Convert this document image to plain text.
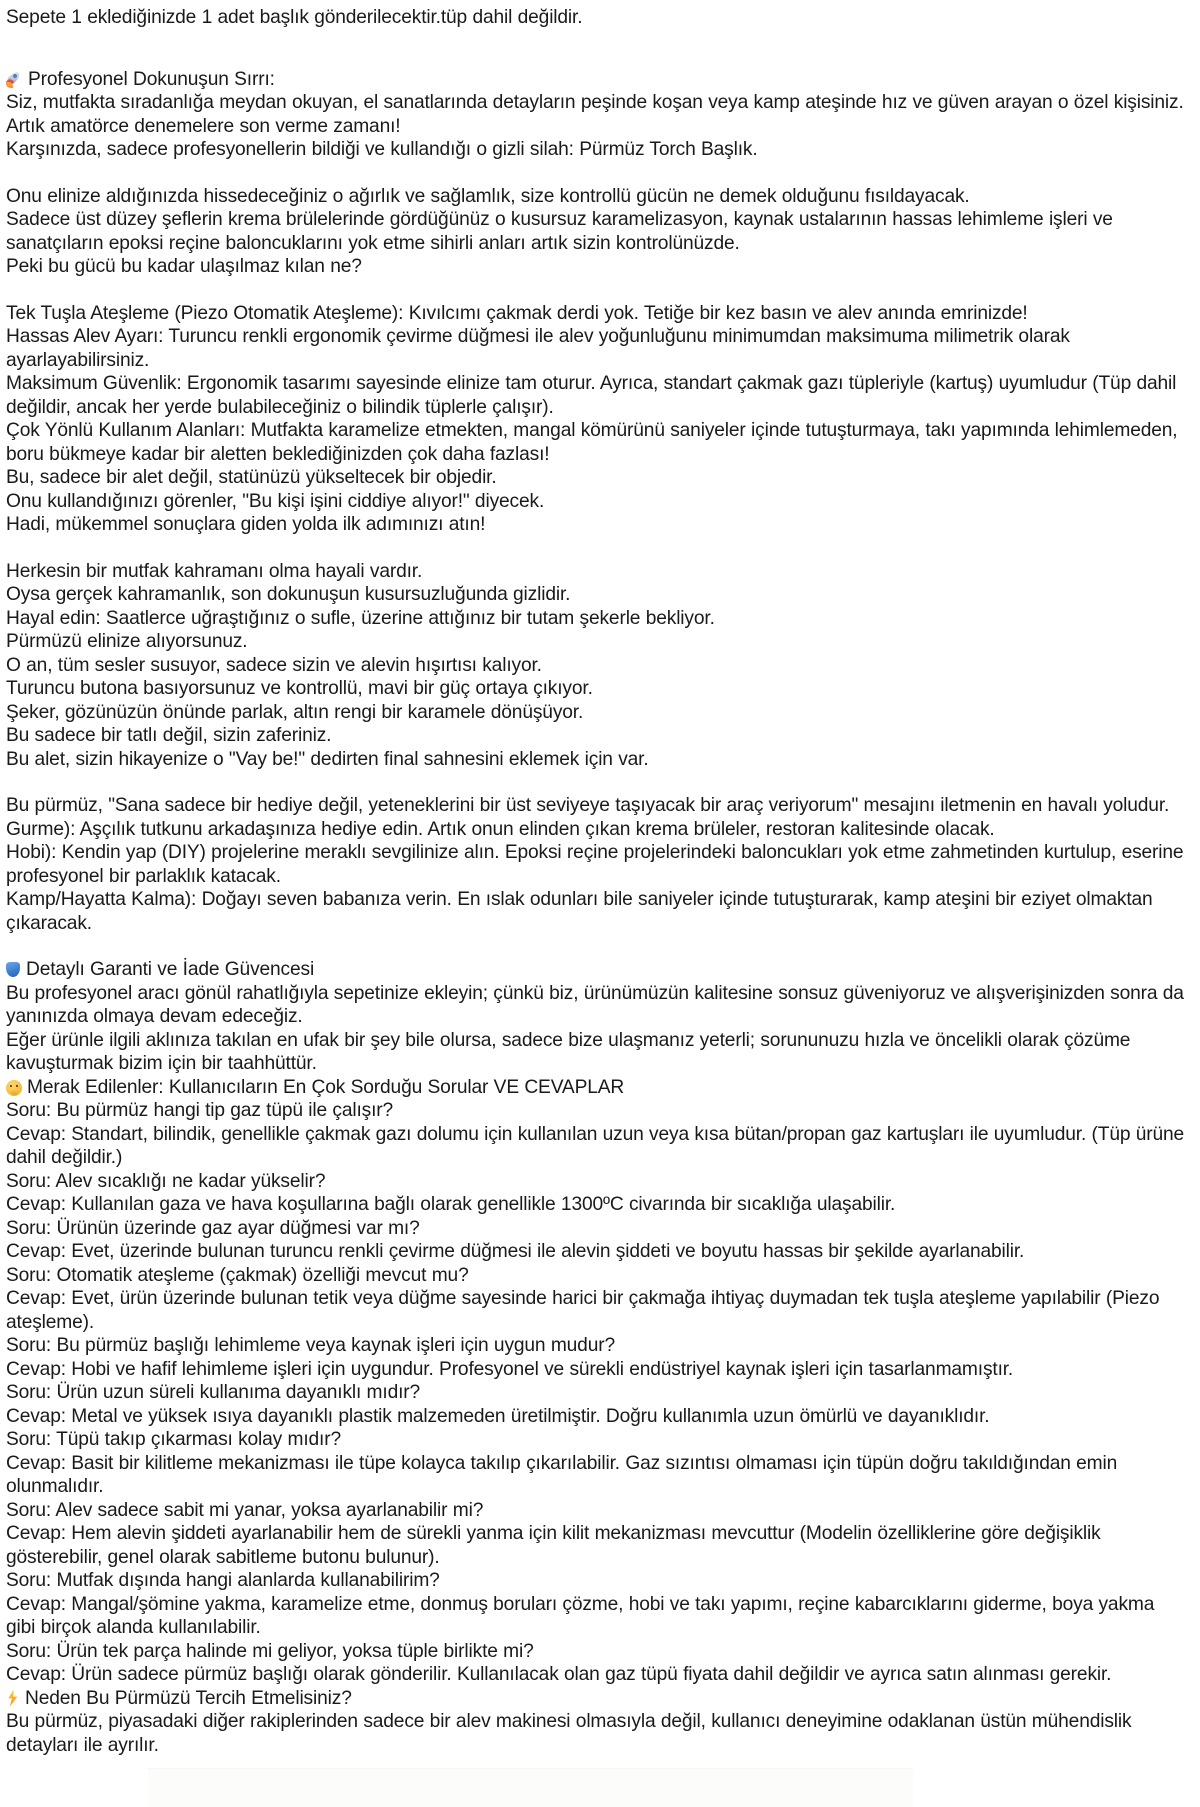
Sepete 1 eklediğinizde 1 adet başlık gönderilecektir.tüp dahil değildir.

Profesyonel Dokunuşun Sırrı:

Siz, mutfakta sıradanlığa meydan okuyan, el sanatlarında detayların peşinde koşan veya kamp ateşinde hız ve güven arayan o özel kişisiniz.

Artık amatörce denemelere son verme zamanı!

Karşınızda, sadece profesyonellerin bildiği ve kullandığı o gizli silah: Pürmüz Torch Başlık.

Onu elinize aldığınızda hissedeceğiniz o ağırlık ve sağlamlık, size kontrollü gücün ne demek olduğunu fısıldayacak.

Sadece üst düzey şeflerin krema brülelerinde gördüğünüz o kusursuz karamelizasyon, kaynak ustalarının hassas lehimleme işleri ve sanatçıların epoksi reçine baloncuklarını yok etme sihirli anları artık sizin kontrolünüzde.

Peki bu gücü bu kadar ulaşılmaz kılan ne?

Tek Tuşla Ateşleme (Piezo Otomatik Ateşleme): Kıvılcımı çakmak derdi yok. Tetiğe bir kez basın ve alev anında emrinizde!

Hassas Alev Ayarı: Turuncu renkli ergonomik çevirme düğmesi ile alev yoğunluğunu minimumdan maksimuma milimetrik olarak ayarlayabilirsiniz.

Maksimum Güvenlik: Ergonomik tasarımı sayesinde elinize tam oturur. Ayrıca, standart çakmak gazı tüpleriyle (kartuş) uyumludur (Tüp dahil değildir, ancak her yerde bulabileceğiniz o bilindik tüplerle çalışır).

Çok Yönlü Kullanım Alanları: Mutfakta karamelize etmekten, mangal kömürünü saniyeler içinde tutuşturmaya, takı yapımında lehimlemeden, boru bükmeye kadar bir aletten beklediğinizden çok daha fazlası!

Bu, sadece bir alet değil, statünüzü yükseltecek bir objedir.

Onu kullandığınızı görenler, "Bu kişi işini ciddiye alıyor!" diyecek.

Hadi, mükemmel sonuçlara giden yolda ilk adımınızı atın!

Herkesin bir mutfak kahramanı olma hayali vardır.

Oysa gerçek kahramanlık, son dokunuşun kusursuzluğunda gizlidir.

Hayal edin: Saatlerce uğraştığınız o sufle, üzerine attığınız bir tutam şekerle bekliyor.

Pürmüzü elinize alıyorsunuz.

O an, tüm sesler susuyor, sadece sizin ve alevin hışırtısı kalıyor.

Turuncu butona basıyorsunuz ve kontrollü, mavi bir güç ortaya çıkıyor.

Şeker, gözünüzün önünde parlak, altın rengi bir karamele dönüşüyor.

Bu sadece bir tatlı değil, sizin zaferiniz.

Bu alet, sizin hikayenize o "Vay be!" dedirten final sahnesini eklemek için var.

Bu pürmüz, "Sana sadece bir hediye değil, yeteneklerini bir üst seviyeye taşıyacak bir araç veriyorum" mesajını iletmenin en havalı yoludur.

Gurme): Aşçılık tutkunu arkadaşınıza hediye edin. Artık onun elinden çıkan krema brüleler, restoran kalitesinde olacak.

Hobi): Kendin yap (DIY) projelerine meraklı sevgilinize alın. Epoksi reçine projelerindeki baloncukları yok etme zahmetinden kurtulup, eserine profesyonel bir parlaklık katacak.

Kamp/Hayatta Kalma): Doğayı seven babanıza verin. En ıslak odunları bile saniyeler içinde tutuşturarak, kamp ateşini bir eziyet olmaktan çıkaracak.

Detaylı Garanti ve İade Güvencesi

Bu profesyonel aracı gönül rahatlığıyla sepetinize ekleyin; çünkü biz, ürünümüzün kalitesine sonsuz güveniyoruz ve alışverişinizden sonra da yanınızda olmaya devam edeceğiz.

Eğer ürünle ilgili aklınıza takılan en ufak bir şey bile olursa, sadece bize ulaşmanız yeterli; sorununuzu hızla ve öncelikli olarak çözüme kavuşturmak bizim için bir taahhüttür.

Merak Edilenler: Kullanıcıların En Çok Sorduğu Sorular VE CEVAPLAR

Soru: Bu pürmüz hangi tip gaz tüpü ile çalışır?

Cevap: Standart, bilindik, genellikle çakmak gazı dolumu için kullanılan uzun veya kısa bütan/propan gaz kartuşları ile uyumludur. (Tüp ürüne dahil değildir.)

Soru: Alev sıcaklığı ne kadar yükselir?

Cevap: Kullanılan gaza ve hava koşullarına bağlı olarak genellikle 1300ºC civarında bir sıcaklığa ulaşabilir.

Soru: Ürünün üzerinde gaz ayar düğmesi var mı?

Cevap: Evet, üzerinde bulunan turuncu renkli çevirme düğmesi ile alevin şiddeti ve boyutu hassas bir şekilde ayarlanabilir.

Soru: Otomatik ateşleme (çakmak) özelliği mevcut mu?

Cevap: Evet, ürün üzerinde bulunan tetik veya düğme sayesinde harici bir çakmağa ihtiyaç duymadan tek tuşla ateşleme yapılabilir (Piezo ateşleme).

Soru: Bu pürmüz başlığı lehimleme veya kaynak işleri için uygun mudur?

Cevap: Hobi ve hafif lehimleme işleri için uygundur. Profesyonel ve sürekli endüstriyel kaynak işleri için tasarlanmamıştır.

Soru: Ürün uzun süreli kullanıma dayanıklı mıdır?

Cevap: Metal ve yüksek ısıya dayanıklı plastik malzemeden üretilmiştir. Doğru kullanımla uzun ömürlü ve dayanıklıdır.

Soru: Tüpü takıp çıkarması kolay mıdır?

Cevap: Basit bir kilitleme mekanizması ile tüpe kolayca takılıp çıkarılabilir. Gaz sızıntısı olmaması için tüpün doğru takıldığından emin olunmalıdır.

Soru: Alev sadece sabit mi yanar, yoksa ayarlanabilir mi?

Cevap: Hem alevin şiddeti ayarlanabilir hem de sürekli yanma için kilit mekanizması mevcuttur (Modelin özelliklerine göre değişiklik gösterebilir, genel olarak sabitleme butonu bulunur).

Soru: Mutfak dışında hangi alanlarda kullanabilirim?

Cevap: Mangal/şömine yakma, karamelize etme, donmuş boruları çözme, hobi ve takı yapımı, reçine kabarcıklarını giderme, boya yakma gibi birçok alanda kullanılabilir.

Soru: Ürün tek parça halinde mi geliyor, yoksa tüple birlikte mi?

Cevap: Ürün sadece pürmüz başlığı olarak gönderilir. Kullanılacak olan gaz tüpü fiyata dahil değildir ve ayrıca satın alınması gerekir.

Neden Bu Pürmüzü Tercih Etmelisiniz?

Bu pürmüz, piyasadaki diğer rakiplerinden sadece bir alev makinesi olmasıyla değil, kullanıcı deneyimine odaklanan üstün mühendislik detayları ile ayrılır.
